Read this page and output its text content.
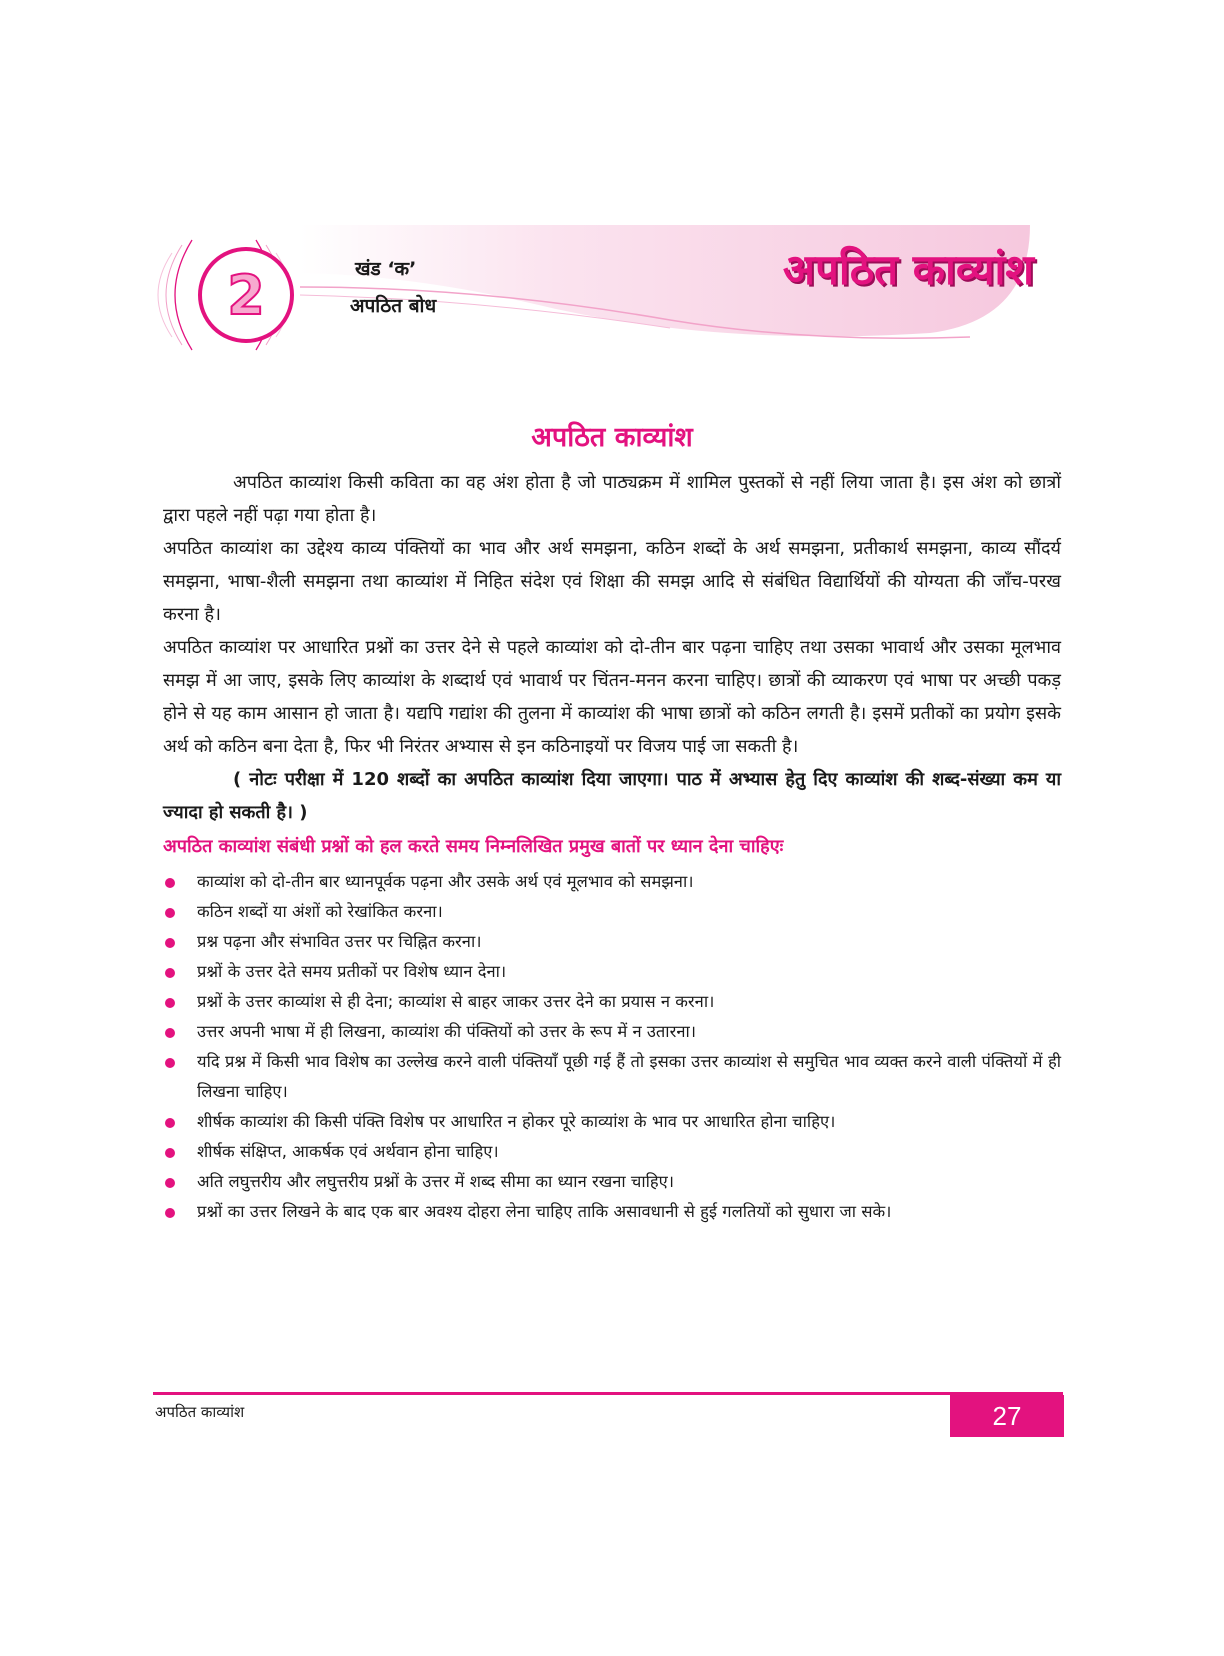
2	खंड ‘क’
अपठित बोध
अपठित काव्यांश
अपठित काव्यांश

अपठित काव्यांश किसी कविता का वह अंश होता है जो पाठ्यक्रम में शामिल पुस्तकों से नहीं लिया जाता है। इस अंश को छात्रों द्वारा पहले नहीं पढ़ा गया होता है।

अपठित काव्यांश का उद्देश्य काव्य पंक्तियों का भाव और अर्थ समझना, कठिन शब्दों के अर्थ समझना, प्रतीकार्थ समझना, काव्य सौंदर्य समझना, भाषा-शैली समझना तथा काव्यांश में निहित संदेश एवं शिक्षा की समझ आदि से संबंधित विद्यार्थियों की योग्यता की जाँच-परख करना है।

अपठित काव्यांश पर आधारित प्रश्नों का उत्तर देने से पहले काव्यांश को दो-तीन बार पढ़ना चाहिए तथा उसका भावार्थ और उसका मूलभाव समझ में आ जाए, इसके लिए काव्यांश के शब्दार्थ एवं भावार्थ पर चिंतन-मनन करना चाहिए। छात्रों की व्याकरण एवं भाषा पर अच्छी पकड़ होने से यह काम आसान हो जाता है। यद्यपि गद्यांश की तुलना में काव्यांश की भाषा छात्रों को कठिन लगती है। इसमें प्रतीकों का प्रयोग इसके अर्थ को कठिन बना देता है, फिर भी निरंतर अभ्यास से इन कठिनाइयों पर विजय पाई जा सकती है।

( नोटः परीक्षा में 120 शब्दों का अपठित काव्यांश दिया जाएगा। पाठ में अभ्यास हेतु दिए काव्यांश की शब्द-संख्या कम या ज्यादा हो सकती है। )

अपठित काव्यांश संबंधी प्रश्नों को हल करते समय निम्नलिखित प्रमुख बातों पर ध्यान देना चाहिएः
काव्यांश को दो-तीन बार ध्यानपूर्वक पढ़ना और उसके अर्थ एवं मूलभाव को समझना।
कठिन शब्दों या अंशों को रेखांकित करना।
प्रश्न पढ़ना और संभावित उत्तर पर चिह्नित करना।
प्रश्नों के उत्तर देते समय प्रतीकों पर विशेष ध्यान देना।
प्रश्नों के उत्तर काव्यांश से ही देना; काव्यांश से बाहर जाकर उत्तर देने का प्रयास न करना।
उत्तर अपनी भाषा में ही लिखना, काव्यांश की पंक्तियों को उत्तर के रूप में न उतारना।
यदि प्रश्न में किसी भाव विशेष का उल्लेख करने वाली पंक्तियाँ पूछी गई हैं तो इसका उत्तर काव्यांश से समुचित भाव व्यक्त करने वाली पंक्तियों में ही लिखना चाहिए।
शीर्षक काव्यांश की किसी पंक्ति विशेष पर आधारित न होकर पूरे काव्यांश के भाव पर आधारित होना चाहिए।
शीर्षक संक्षिप्त, आकर्षक एवं अर्थवान होना चाहिए।
अति लघुत्तरीय और लघुत्तरीय प्रश्नों के उत्तर में शब्द सीमा का ध्यान रखना चाहिए।
प्रश्नों का उत्तर लिखने के बाद एक बार अवश्य दोहरा लेना चाहिए ताकि असावधानी से हुई गलतियों को सुधारा जा सके।
अपठित काव्यांश	27
